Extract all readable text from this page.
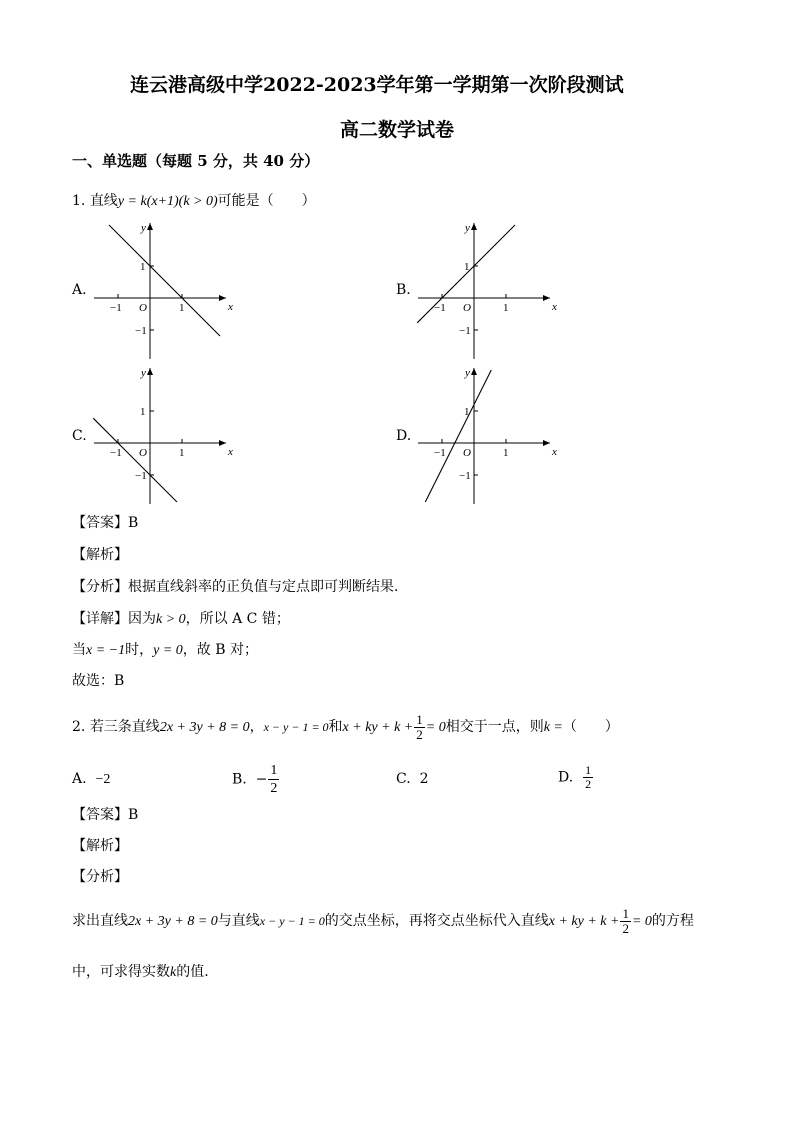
连云港高级中学2022-2023学年第一学期第一次阶段测试
高二数学试卷
一、单选题（每题 5 分，共 40 分）
1. 直线y = k(x+1)(k > 0)可能是（　　）
A.	B.
C.	D.
y
x
O	1
−1
1
−1
y
x
O	1
−1
1
−1
y
x
O	1
−1
1
−1
y
x
O	1
−1
1
−1
【答案】B
【解析】
【分析】根据直线斜率的正负值与定点即可判断结果．
【详解】因为k > 0，所以 A C 错；
当x = −1时，y = 0，故 B 对；
故选：B
2. 若三条直线2x + 3y + 8 = 0，x − y − 1 = 0和x + ky + $k + \frac{1}{2} = 0$相交于一点，则k =（　　）
A. −2	B. − $\frac{1}{2}$	C. 2	D. $\frac{1}{2}$
【答案】B
【解析】
【分析】
求出直线2x + 3y + 8 = 0与直线x − y − 1 = 0的交点坐标，再将交点坐标代入直线x + ky + $k + \frac{1}{2} = 0$的方程
中，可求得实数k的值.
